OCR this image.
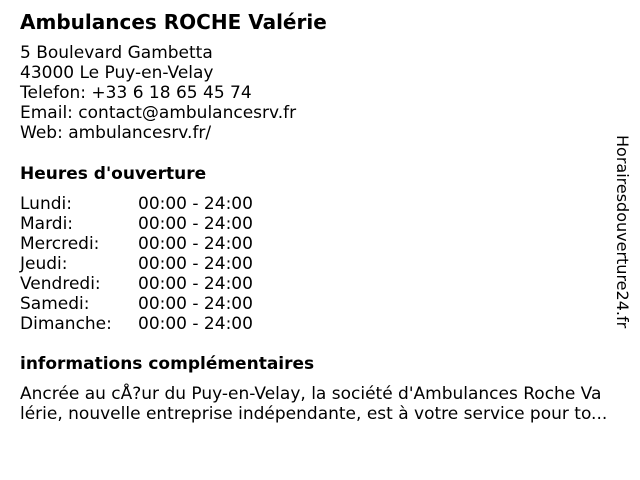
Ambulances ROCHE Valérie
5 Boulevard Gambetta
43000 Le Puy-en-Velay
Telefon: +33 6 18 65 45 74
Email: contact@ambulancesrv.fr
Web: ambulancesrv.fr/
Heures d'ouverture
Lundi:	00:00 - 24:00
Mardi:	00:00 - 24:00
Mercredi: 00:00 - 24:00
Jeudi:	00:00 - 24:00
Vendredi: 00:00 - 24:00
Samedi:	00:00 - 24:00
Dimanche: 00:00 - 24:00
informations complémentaires
Ancrée au cÅ?ur du Puy-en-Velay, la société d'Ambulances Roche Va
lérie, nouvelle entreprise indépendante, est à votre service pour to...
Horairesdouverture24.fr
